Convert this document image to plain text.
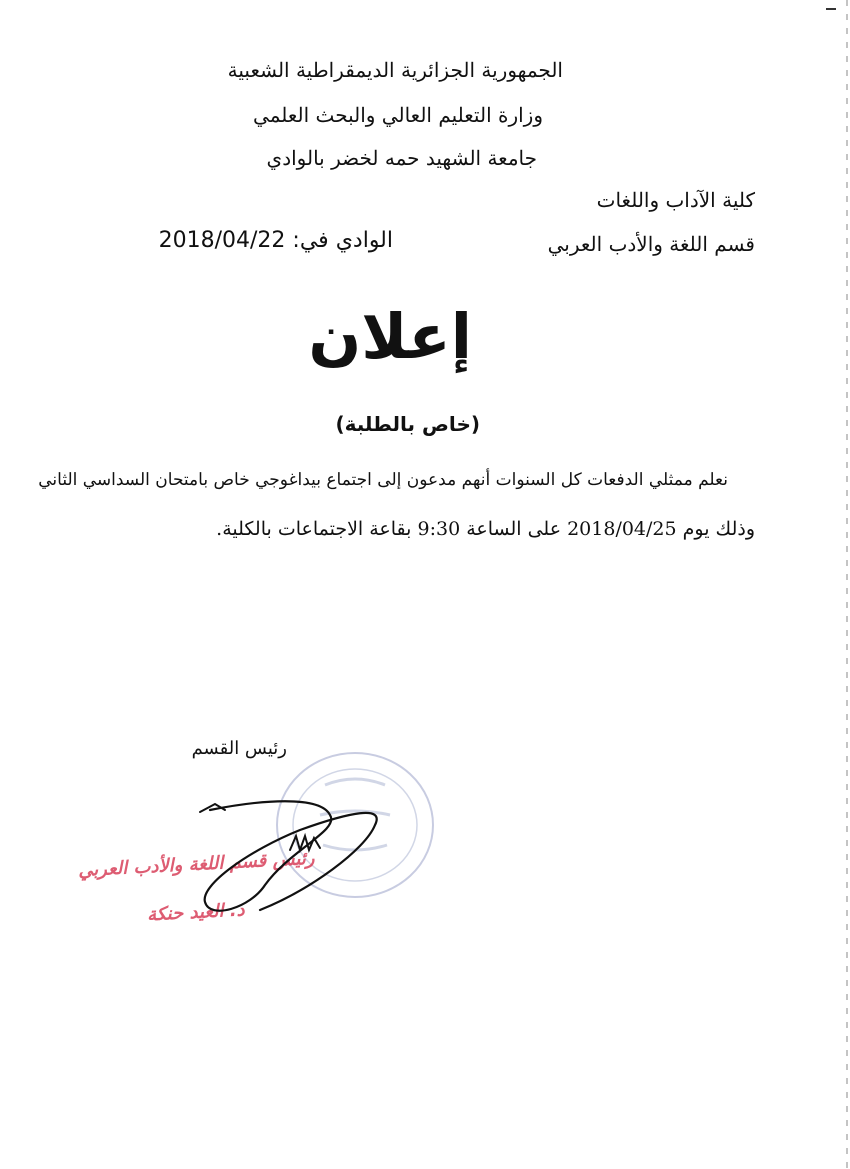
الجمهورية الجزائرية الديمقراطية الشعبية
وزارة التعليم العالي والبحث العلمي
جامعة الشهيد حمه لخضر بالوادي
كلية الآداب واللغات
قسم اللغة والأدب العربي
الوادي في: 2018/04/22
إعلان
(خاص بالطلبة)
نعلم ممثلي الدفعات كل السنوات أنهم مدعون إلى اجتماع بيداغوجي خاص بامتحان السداسي الثاني
وذلك يوم 2018/04/25 على الساعة 9:30 بقاعة الاجتماعات بالكلية.
رئيس القسم
رئيس قسم اللغة والأدب العربي
د. العيد حنكة
